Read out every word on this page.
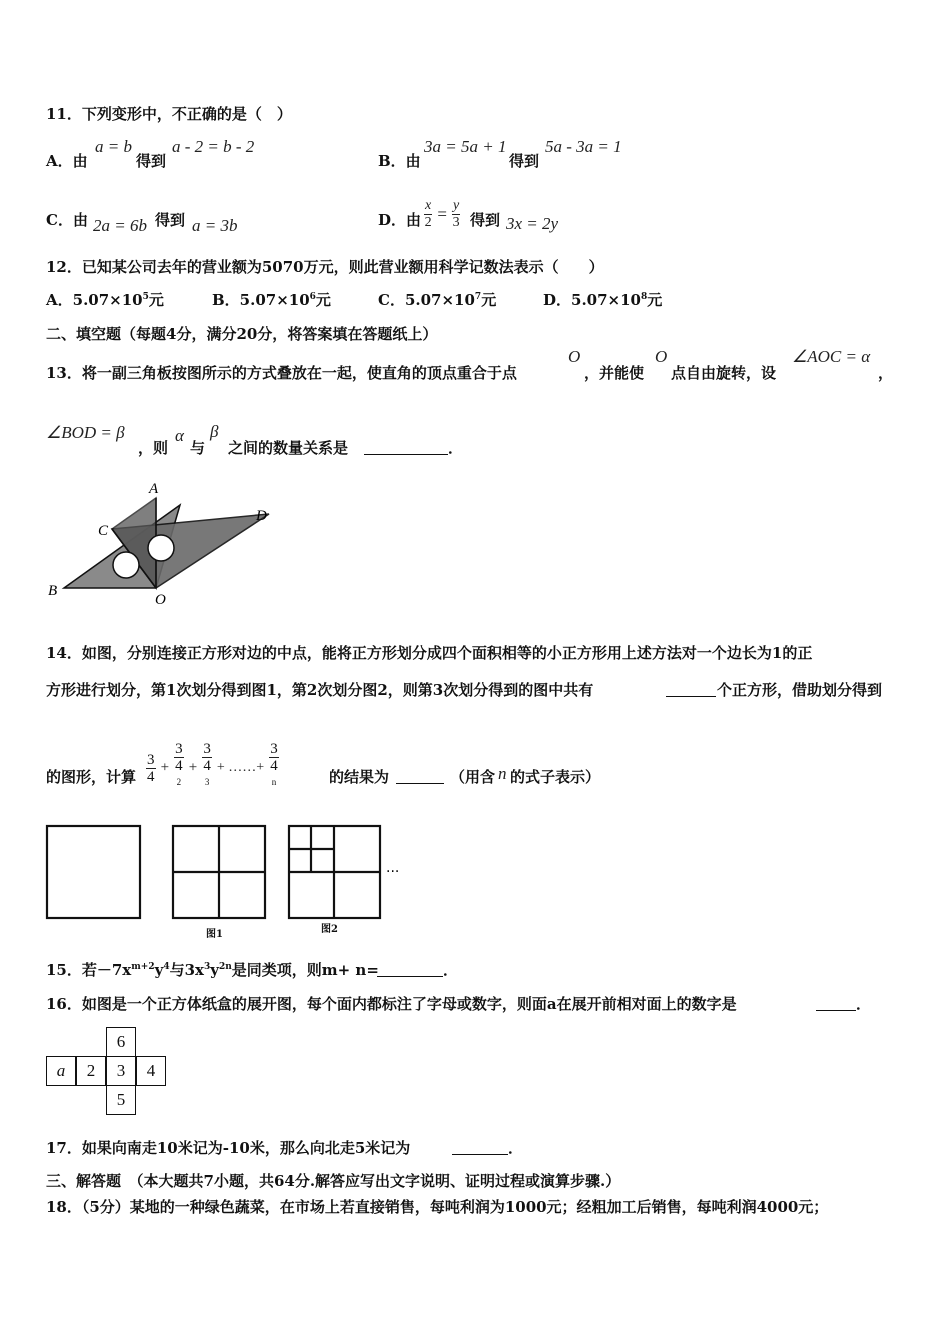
11．下列变形中，不正确的是（　）
A．由
a = b
得到
a - 2 = b - 2
B．由
3a = 5a + 1
得到
5a - 3a = 1
C．由 2a = 6b 得到 a = 3b	D．由 $\frac{x}{2} = \frac{y}{3}$ 得到 3x = 2y
12．已知某公司去年的营业额为5070万元，则此营业额用科学记数法表示（　　）
A．$5.07\times 10^5$元	B．$5.07\times 10^6$元	C．$5.07\times 10^7$元	D．$5.07\times 10^8$元
二、填空题（每题4分，满分20分，将答案填在答题纸上）
13．将一副三角板按图所示的方式叠放在一起，使直角的顶点重合于点
O
，并能使
O
点自由旋转，设
∠AOC = α
，
∠BOD = β
，则
α
与
β
之间的数量关系是	．
A
C
D
B
O
14．如图，分别连接正方形对边的中点，能将正方形划分成四个面积相等的小正方形用上述方法对一个边长为1的正
方形进行划分，第1次划分得到图1，第2次划分图2，则第3次划分得到的图中共有	个正方形，借助划分得到
的图形，计算 $\frac{3}{4} + 3$
4
$^2$ + 3
4
$^3$ + ……+ 3
4
$^n$	的结果为	（用含 n 的式子表示）
···
图1	图2
15．若$-7x^{m+2}y^4$与$3x^3y^{2n}$是同类项，则m+ n=	．
16．如图是一个正方体纸盒的展开图，每个面内都标注了字母或数字，则面a在展开前相对面上的数字是	．
6
a	2	3	4
5
17．如果向南走10米记为-10米，那么向北走5米记为	．
三、解答题　（本大题共7小题，共64分.解答应写出文字说明、证明过程或演算步骤.）
18．（5分）某地的一种绿色蔬菜，在市场上若直接销售，每吨利润为1000元；经粗加工后销售，每吨利润4000元；
